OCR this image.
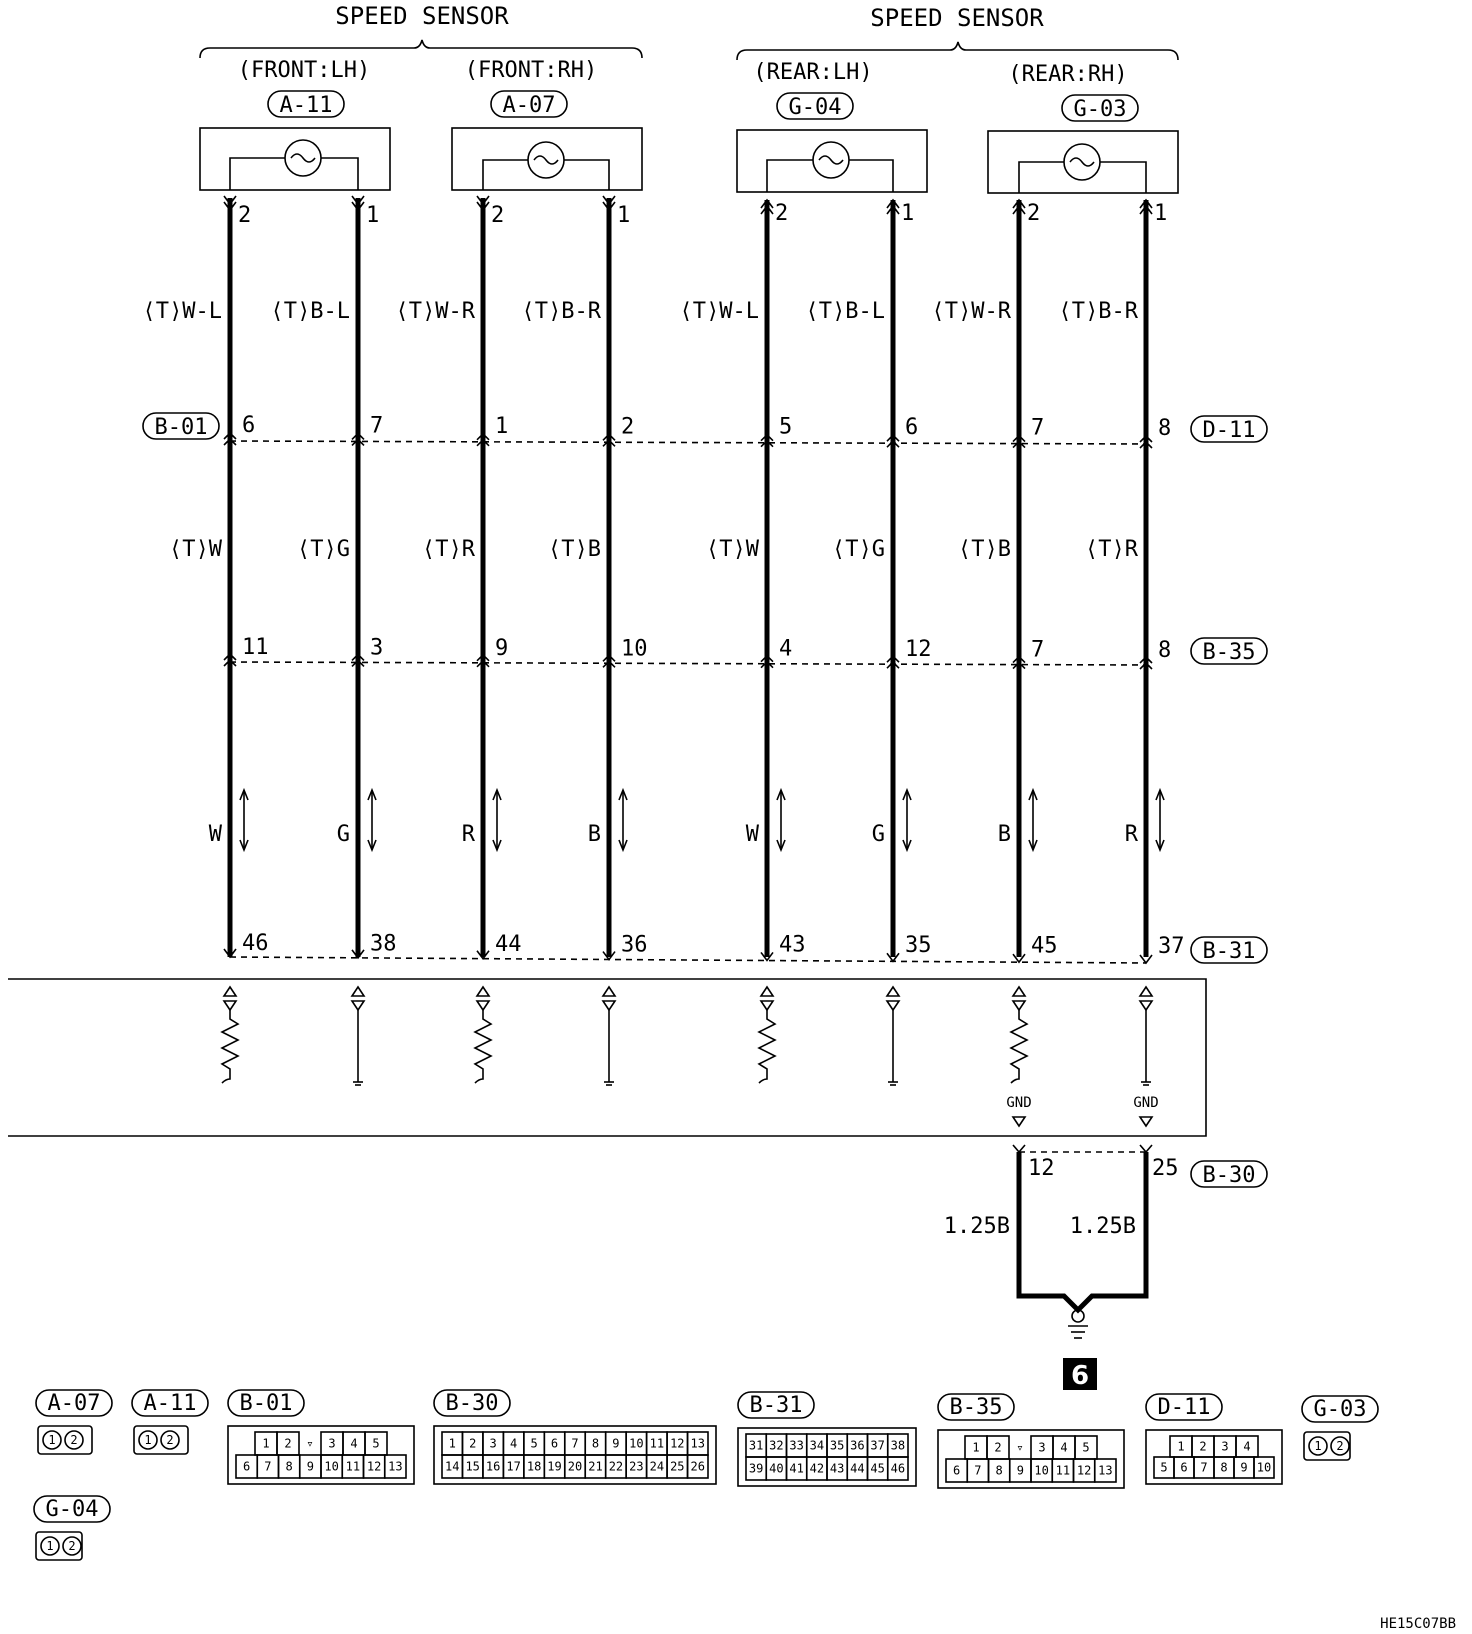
SPEED SENSOR	SPEED SENSOR
(FRONT:LH)	(FRONT:RH)	(REAR:LH)	(REAR:RH)
A-11	A-07	G-04	G-03
B-01	D-11
B-35
B-31
2
⟨T⟩W-L
6
⟨T⟩W
11
W
46
1
⟨T⟩B-L
7
⟨T⟩G
3
G
38
2
⟨T⟩W-R
1
⟨T⟩R
9
R
44
1
⟨T⟩B-R
2
⟨T⟩B
10
B
36
2
⟨T⟩W-L
5
⟨T⟩W
4
W
43
1
⟨T⟩B-L
6
⟨T⟩G
12
G
35
2
⟨T⟩W-R
7
⟨T⟩B
7
B
45
1
⟨T⟩B-R
8
⟨T⟩R
8
R
37
GND	GND
12	25 B-30
1.25B	1.25B
6
A-07
1 2
A-11
1 2
B-01
1 2 ▿ 3 4 5
6 7 8 9 10 11 12 13
B-30
1 2 3 4 5 6 7 8 9 10 11 12 13
14 15 16 17 18 19 20 21 22 23 24 25 26
B-31
31 32 33 34 35 36 37 38
39 40 41 42 43 44 45 46
B-35
1 2 ▿ 3 4 5
6 7 8 9 10 11 12 13
D-11
1 2 3 4
5 6 7 8 9 10
G-03
1 2
G-04
1 2
HE15C07BB
